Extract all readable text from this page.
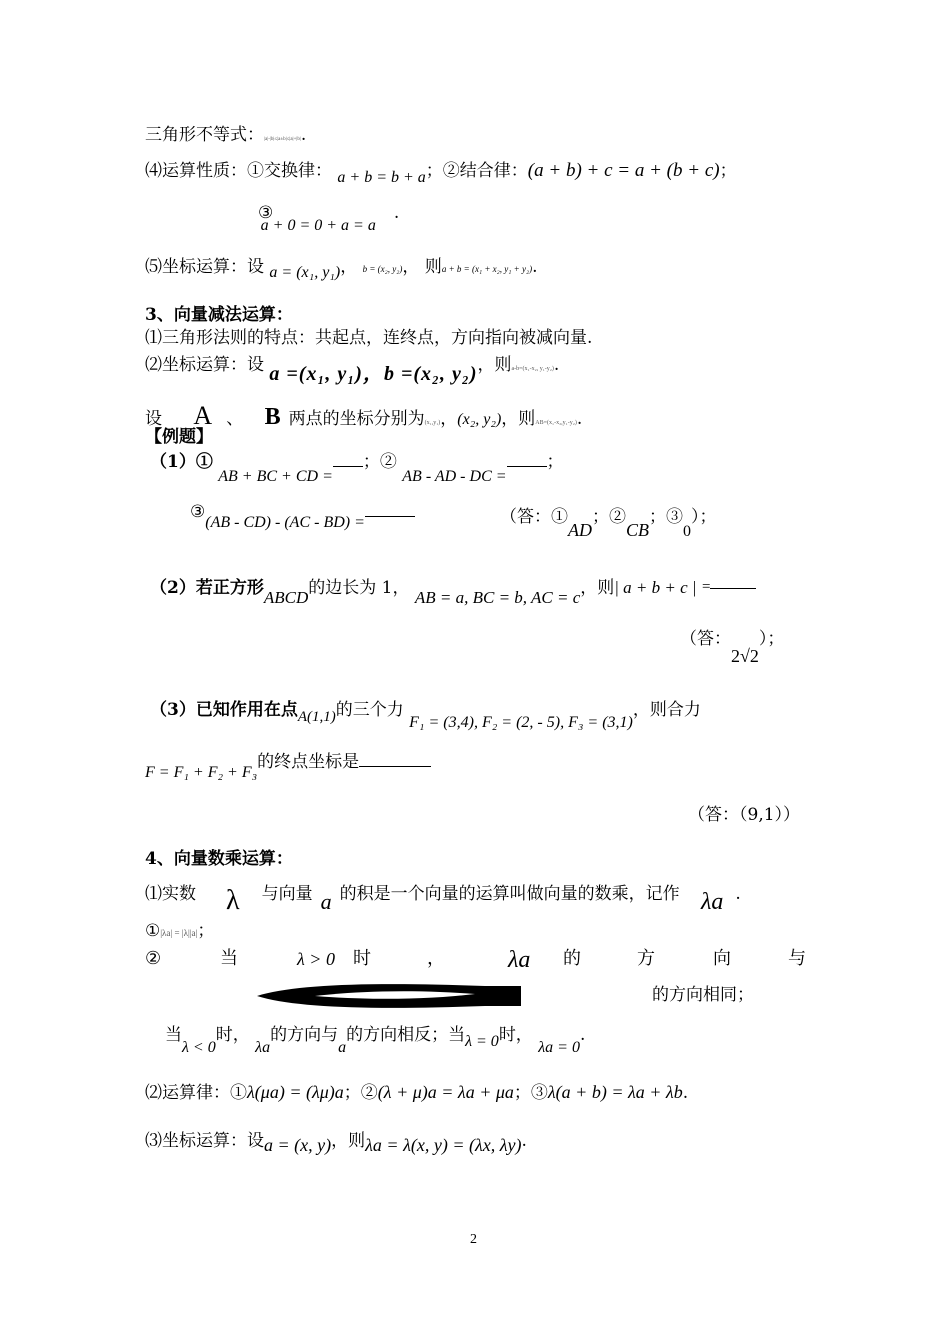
三角形不等式：|a|-|b|≤|a±b|≤|a|+|b|.
⑷运算性质：①交换律： a + b = b + a；②结合律：(a + b) + c = a + (b + c)；
③ a + 0 = 0 + a = a.
⑸坐标运算：设 a = (x₁, y₁)， b = (x₂, y₂)， 则a + b = (x₁ + x₂, y₁ + y₂).
3、向量减法运算：
⑴三角形法则的特点：共起点，连终点，方向指向被减向量.
⑵坐标运算：设 a =(x₁, y₁)，b =(x₂, y₂)，则a-b=(x₁-x₂, y₁-y₂).
设 A 、 B 两点的坐标分别为(x₁,y₁)，(x₂, y₂)，则AB=(x₁-x₂,y₁-y₂).
【例题】
（1）① AB + BC + CD =；② AB - AD - DC =；
③(AB - CD) - (AC - BD) =	（答：①AD；②CB；③0）；
（2）若正方形ABCD的边长为 1， AB = a, BC = b, AC = c，则| a + b + c | =
（答：2√2）；
（3）已知作用在点A(1,1)的三个力 F₁ = (3,4), F₂ = (2, - 5), F₃ = (3,1)，则合力
F = F₁ + F₂ + F₃的终点坐标是
（答：（9,1））
4、向量数乘运算：
⑴实数 λ 与向量 a 的积是一个向量的运算叫做向量的数乘，记作 λa .
①|λa| = |λ||a|；
②	当	λ > 0 时	，	λa 的	方	向	与
的方向相同；
当λ < 0时， λa的方向与a的方向相反；当λ = 0时， λa = 0.
⑵运算律：①λ(μa) = (λμ)a；②(λ + μ)a = λa + μa；③λ(a + b) = λa + λb.
⑶坐标运算：设a = (x, y)，则λa = λ(x, y) = (λx, λy).
2
